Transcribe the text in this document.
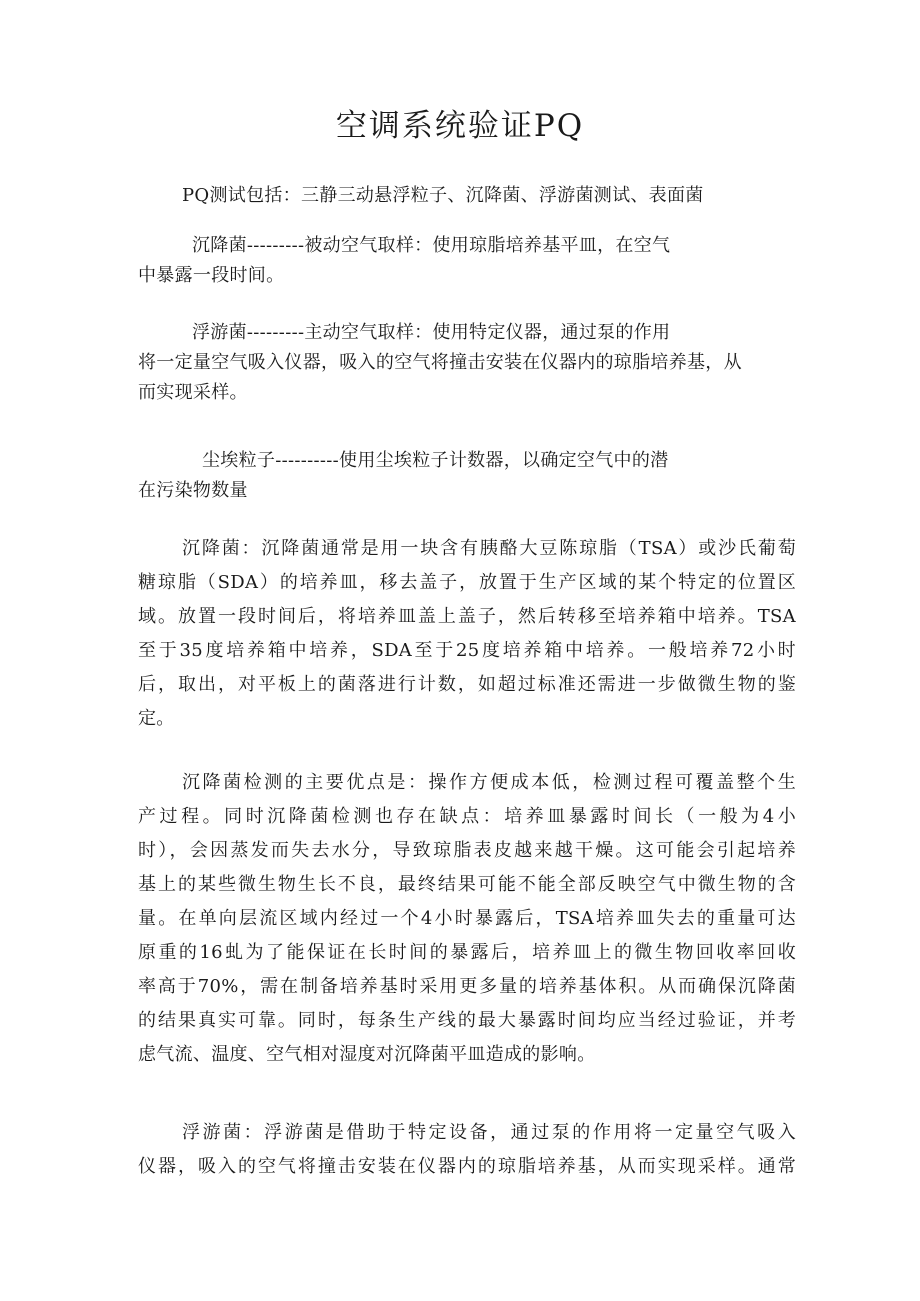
空调系统验证PQ

PQ测试包括：三静三动悬浮粒子、沉降菌、浮游菌测试、表面菌

沉降菌---------被动空气取样：使用琼脂培养基平皿，在空气
中暴露一段时间。

浮游菌---------主动空气取样：使用特定仪器，通过泵的作用
将一定量空气吸入仪器，吸入的空气将撞击安装在仪器内的琼脂培养基，从
而实现采样。

尘埃粒子----------使用尘埃粒子计数器，以确定空气中的潜
在污染物数量

沉降菌：沉降菌通常是用一块含有胰酪大豆陈琼脂（TSA）或沙氏葡萄
糖琼脂（SDA）的培养皿，移去盖子，放置于生产区域的某个特定的位置区
域。放置一段时间后，将培养皿盖上盖子，然后转移至培养箱中培养。TSA
至于35度培养箱中培养，SDA至于25度培养箱中培养。一般培养72小时
后，取出，对平板上的菌落进行计数，如超过标准还需进一步做微生物的鉴
定。

沉降菌检测的主要优点是：操作方便成本低，检测过程可覆盖整个生
产过程。同时沉降菌检测也存在缺点：培养皿暴露时间长（一般为4小
时），会因蒸发而失去水分，导致琼脂表皮越来越干燥。这可能会引起培养
基上的某些微生物生长不良，最终结果可能不能全部反映空气中微生物的含
量。在单向层流区域内经过一个4小时暴露后，TSA培养皿失去的重量可达
原重的16虬为了能保证在长时间的暴露后，培养皿上的微生物回收率回收
率高于70%，需在制备培养基时采用更多量的培养基体积。从而确保沉降菌
的结果真实可靠。同时，每条生产线的最大暴露时间均应当经过验证，并考
虑气流、温度、空气相对湿度对沉降菌平皿造成的影响。

浮游菌：浮游菌是借助于特定设备，通过泵的作用将一定量空气吸入
仪器，吸入的空气将撞击安装在仪器内的琼脂培养基，从而实现采样。通常
